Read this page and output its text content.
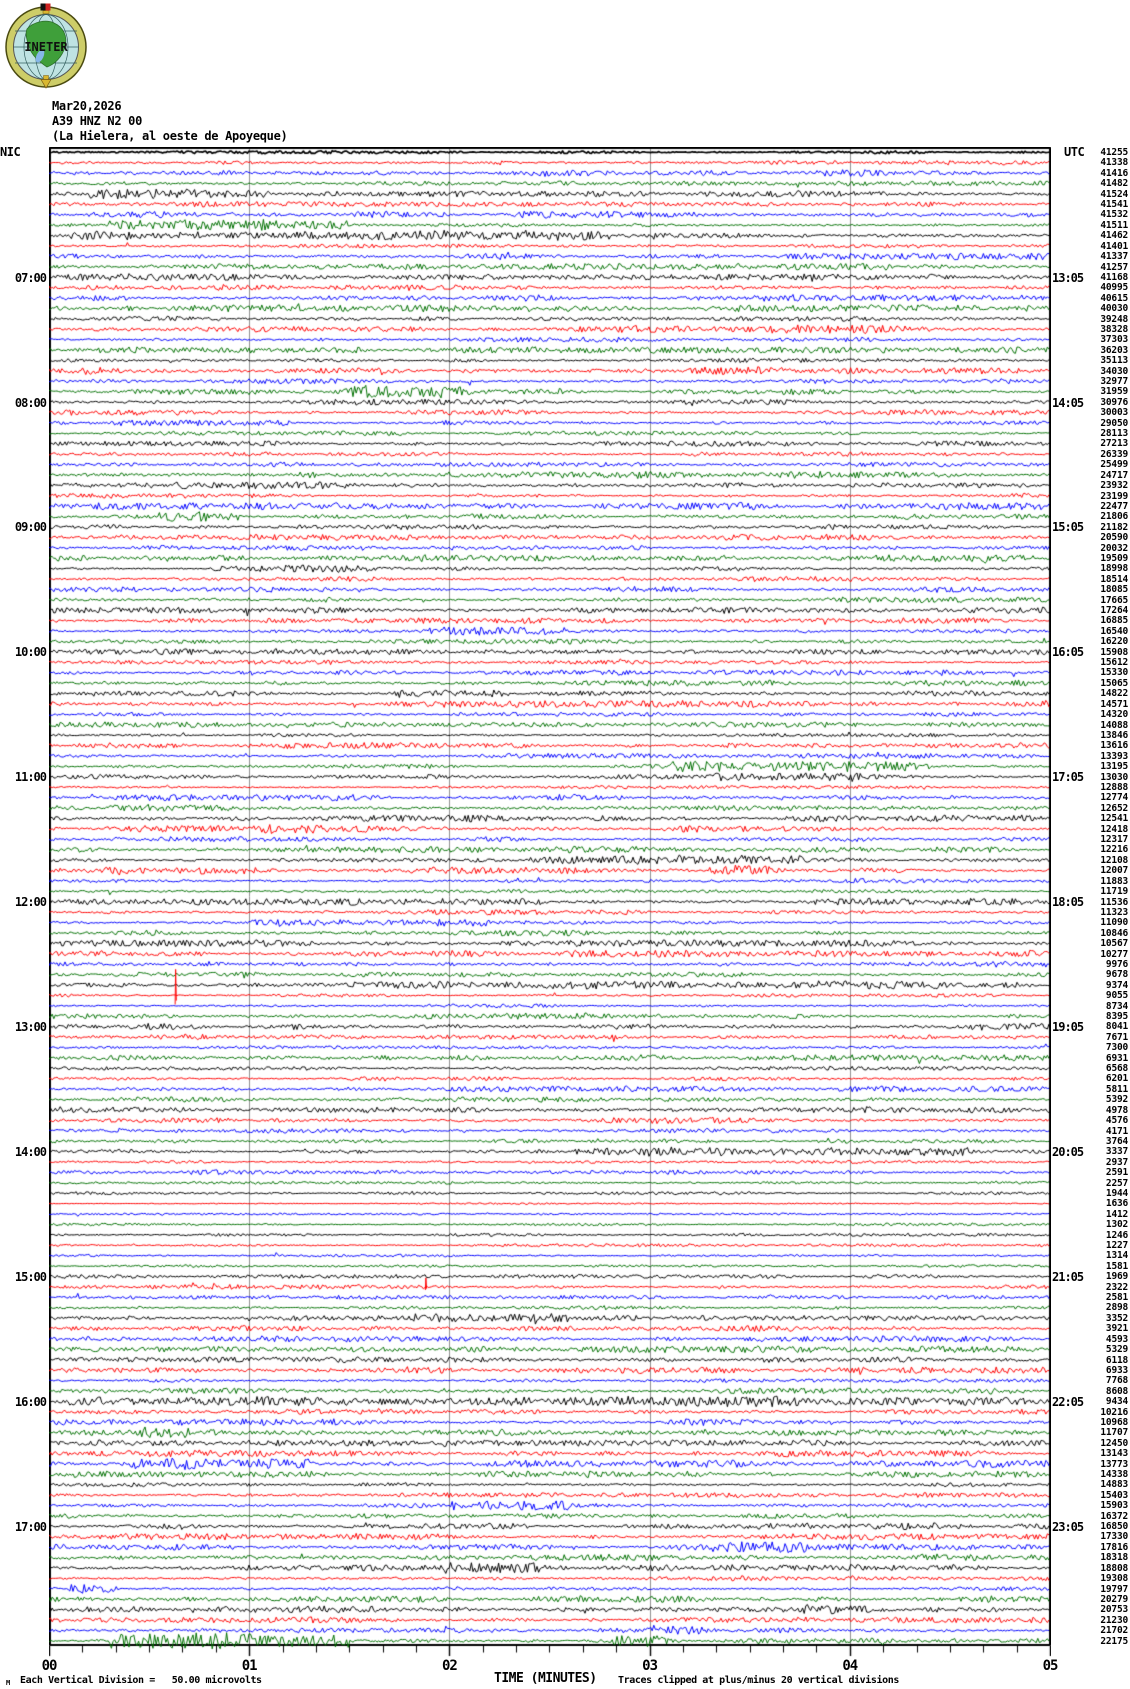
INETER
Mar20,2026
A39 HNZ N2 00
(La Hielera, al oeste de Apoyeque)
NIC	UTC
07:00
08:00
09:00
10:00
11:00
12:00
13:00
14:00
15:00
16:00
17:00
13:05
14:05
15:05
16:05
17:05
18:05
19:05
20:05
21:05
22:05
23:05
41255
41338
41416
41482
41524
41541
41532
41511
41462
41401
41337
41257
41168
40995
40615
40030
39248
38328
37303
36203
35113
34030
32977
31959
30976
30003
29050
28113
27213
26339
25499
24717
23932
23199
22477
21806
21182
20590
20032
19509
18998
18514
18085
17665
17264
16885
16540
16220
15908
15612
15330
15065
14822
14571
14320
14088
13846
13616
13393
13195
13030
12888
12774
12652
12541
12418
12317
12216
12108
12007
11883
11719
11536
11323
11090
10846
10567
10277
9976
9678
9374
9055
8734
8395
8041
7671
7300
6931
6568
6201
5811
5392
4978
4576
4171
3764
3337
2937
2591
2257
1944
1636
1412
1302
1246
1227
1314
1581
1969
2322
2581
2898
3352
3921
4593
5329
6118
6933
7768
8608
9434
10216
10968
11707
12450
13143
13773
14338
14883
15403
15903
16372
16850
17330
17816
18318
18808
19308
19797
20279
20753
21230
21702
22175
00	01	02	03	04	05
M Each Vertical Division =   50.00 microvolts	TIME (MINUTES) Traces clipped at plus/minus 20 vertical divisions
